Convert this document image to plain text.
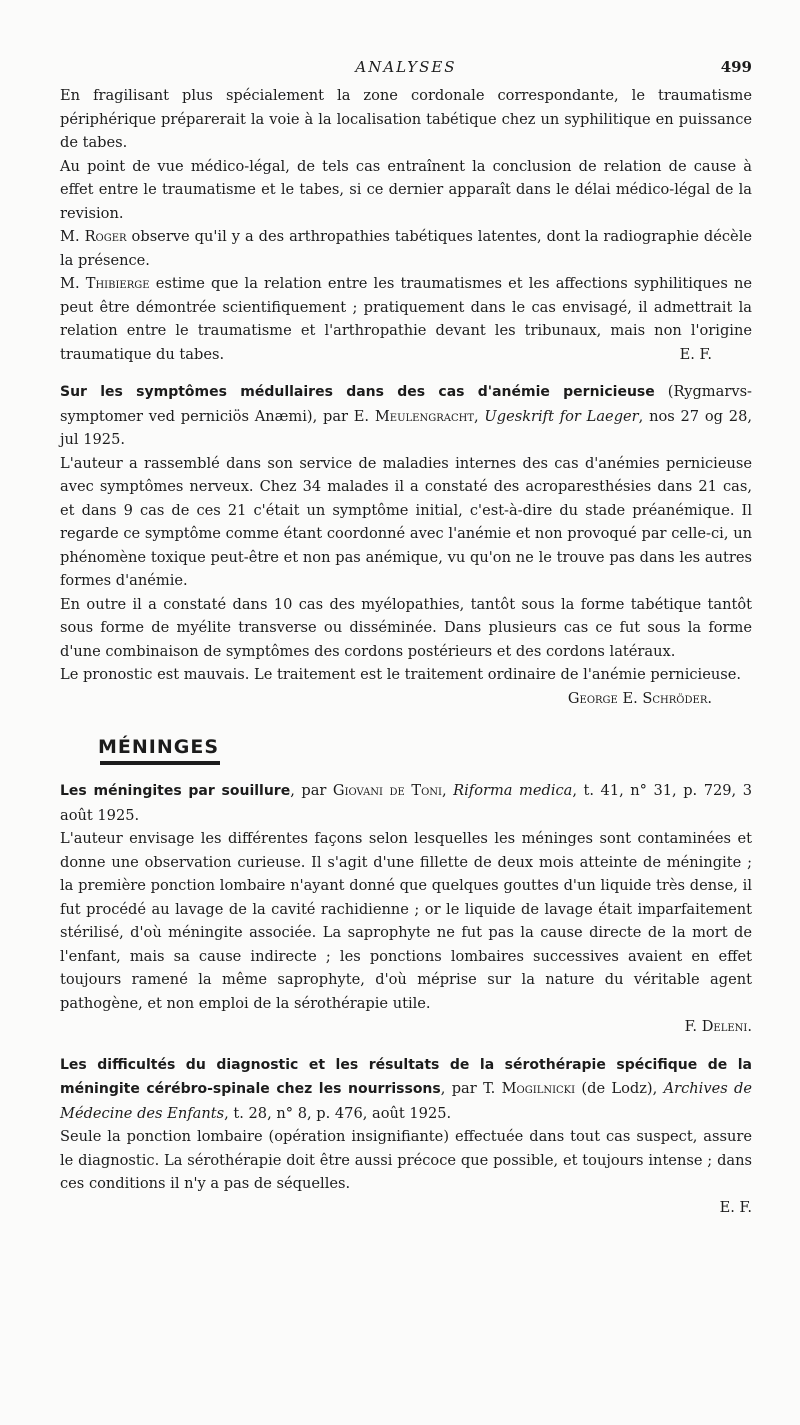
ANALYSES	499

En fragilisant plus spécialement la zone cordonale correspondante, le traumatisme périphérique préparerait la voie à la localisation tabétique chez un syphilitique en puissance de tabes.

Au point de vue médico-légal, de tels cas entraînent la conclusion de relation de cause à effet entre le traumatisme et le tabes, si ce dernier apparaît dans le délai médico-légal de la revision.

M. Roger observe qu'il y a des arthropathies tabétiques latentes, dont la radiographie décèle la présence.

M. Thibierge estime que la relation entre les traumatismes et les affections syphilitiques ne peut être démontrée scientifiquement ; pratiquement dans le cas envisagé, il admettrait la relation entre le traumatisme et l'arthropathie devant les tribunaux, mais non l'origine traumatique du tabes.	E. F.

Sur les symptômes médullaires dans des cas d'anémie pernicieuse (Rygmarvs-symptomer ved perniciös Anæmi), par E. Meulengracht, Ugeskrift for Laeger, nos 27 og 28, jul 1925.

L'auteur a rassemblé dans son service de maladies internes des cas d'anémies pernicieuse avec symptômes nerveux. Chez 34 malades il a constaté des acroparesthésies dans 21 cas, et dans 9 cas de ces 21 c'était un symptôme initial, c'est-à-dire du stade préanémique. Il regarde ce symptôme comme étant coordonné avec l'anémie et non provoqué par celle-ci, un phénomène toxique peut-être et non pas anémique, vu qu'on ne le trouve pas dans les autres formes d'anémie.

En outre il a constaté dans 10 cas des myélopathies, tantôt sous la forme tabétique tantôt sous forme de myélite transverse ou disséminée. Dans plusieurs cas ce fut sous la forme d'une combinaison de symptômes des cordons postérieurs et des cordons latéraux.

Le pronostic est mauvais. Le traitement est le traitement ordinaire de l'anémie pernicieuse.
George E. Schröder.

MÉNINGES

Les méningites par souillure, par Giovani de Toni, Riforma medica, t. 41, n° 31, p. 729, 3 août 1925.

L'auteur envisage les différentes façons selon lesquelles les méninges sont contaminées et donne une observation curieuse. Il s'agit d'une fillette de deux mois atteinte de méningite ; la première ponction lombaire n'ayant donné que quelques gouttes d'un liquide très dense, il fut procédé au lavage de la cavité rachidienne ; or le liquide de lavage était imparfaitement stérilisé, d'où méningite associée. La saprophyte ne fut pas la cause directe de la mort de l'enfant, mais sa cause indirecte ; les ponctions lombaires successives avaient en effet toujours ramené la même saprophyte, d'où méprise sur la nature du véritable agent pathogène, et non emploi de la sérothérapie utile.

F. Deleni.

Les difficultés du diagnostic et les résultats de la sérothérapie spécifique de la méningite cérébro-spinale chez les nourrissons, par T. Mogilnicki (de Lodz), Archives de Médecine des Enfants, t. 28, n° 8, p. 476, août 1925.

Seule la ponction lombaire (opération insignifiante) effectuée dans tout cas suspect, assure le diagnostic. La sérothérapie doit être aussi précoce que possible, et toujours intense ; dans ces conditions il n'y a pas de séquelles.

E. F.
